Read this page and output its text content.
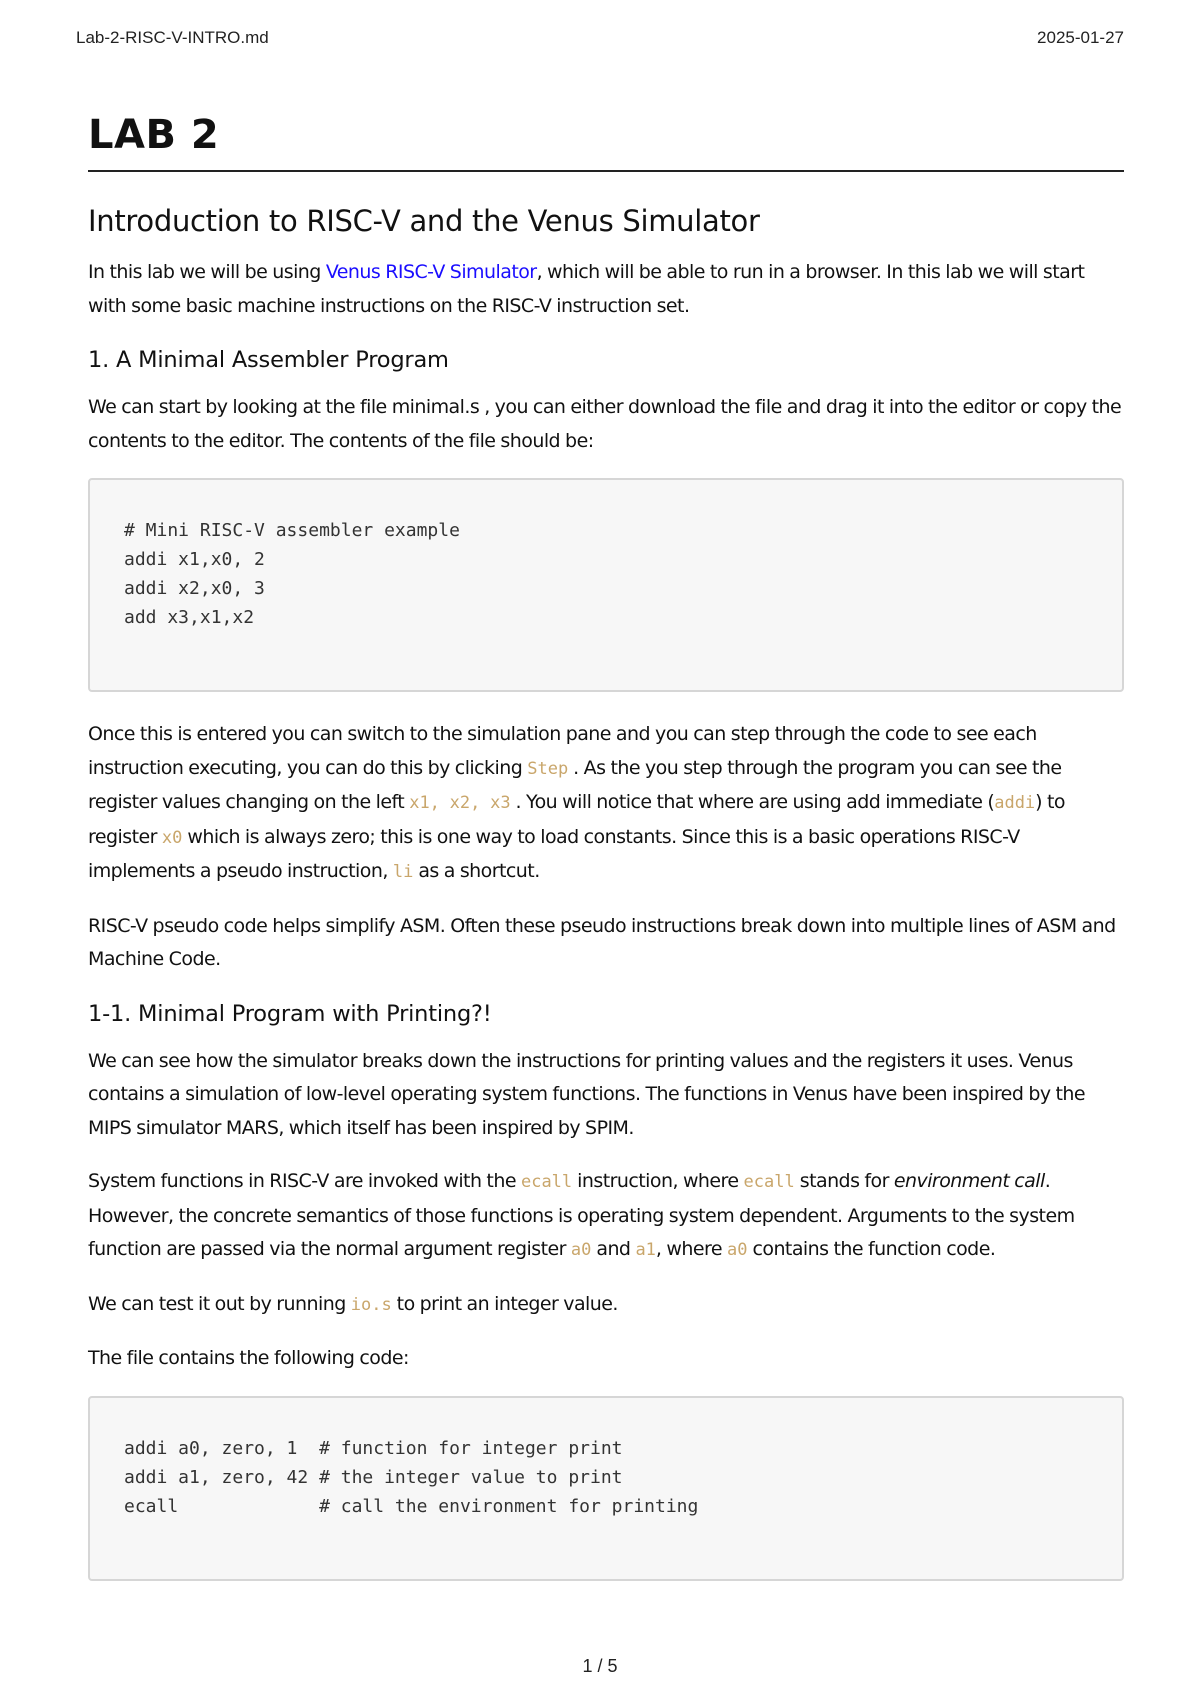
Lab-2-RISC-V-INTRO.md	2025-01-27
LAB 2
Introduction to RISC-V and the Venus Simulator

In this lab we will be using Venus RISC-V Simulator, which will be able to run in a browser. In this lab we will start with some basic machine instructions on the RISC-V instruction set.

1. A Minimal Assembler Program

We can start by looking at the file minimal.s , you can either download the file and drag it into the editor or copy the contents to the editor. The contents of the file should be:

# Mini RISC-V assembler example
addi x1,x0, 2
addi x2,x0, 3
add x3,x1,x2

Once this is entered you can switch to the simulation pane and you can step through the code to see each instruction executing, you can do this by clicking Step . As the you step through the program you can see the register values changing on the left x1, x2, x3 . You will notice that where are using add immediate (addi) to register x0 which is always zero; this is one way to load constants. Since this is a basic operations RISC-V implements a pseudo instruction, li as a shortcut.

RISC-V pseudo code helps simplify ASM. Often these pseudo instructions break down into multiple lines of ASM and Machine Code.

1-1. Minimal Program with Printing?!

We can see how the simulator breaks down the instructions for printing values and the registers it uses. Venus contains a simulation of low-level operating system functions. The functions in Venus have been inspired by the MIPS simulator MARS, which itself has been inspired by SPIM.

System functions in RISC-V are invoked with the ecall instruction, where ecall stands for environment call. However, the concrete semantics of those functions is operating system dependent. Arguments to the system function are passed via the normal argument register a0 and a1, where a0 contains the function code.

We can test it out by running io.s to print an integer value.

The file contains the following code:

addi a0, zero, 1  # function for integer print
addi a1, zero, 42 # the integer value to print
ecall             # call the environment for printing
1 / 5
